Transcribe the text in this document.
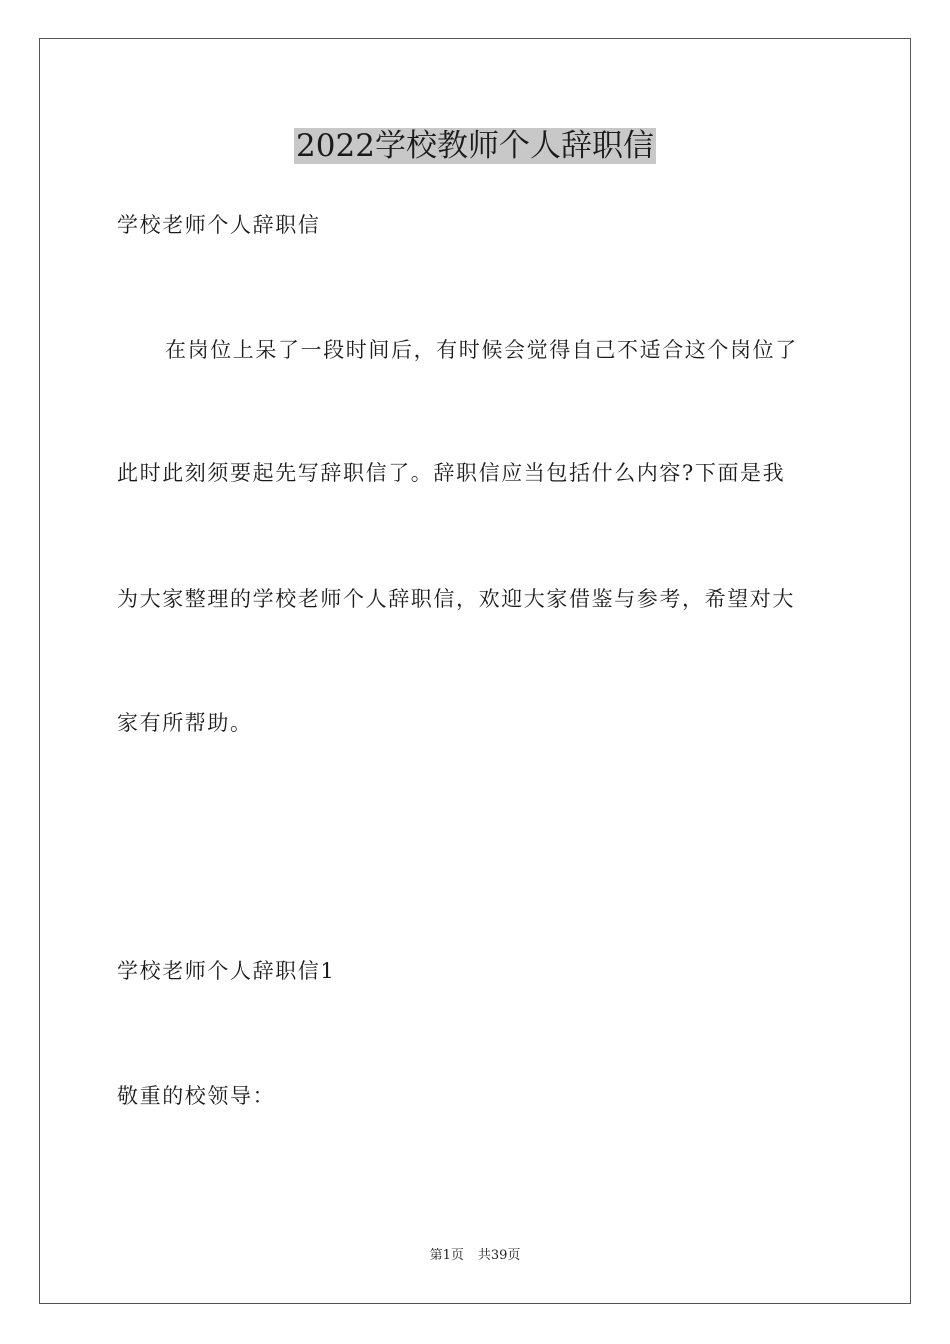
2022学校教师个人辞职信

学校老师个人辞职信

在岗位上呆了一段时间后，有时候会觉得自己不适合这个岗位了

此时此刻须要起先写辞职信了。辞职信应当包括什么内容?下面是我

为大家整理的学校老师个人辞职信，欢迎大家借鉴与参考，希望对大

家有所帮助。

学校老师个人辞职信1

敬重的校领导：

第1页 共39页
